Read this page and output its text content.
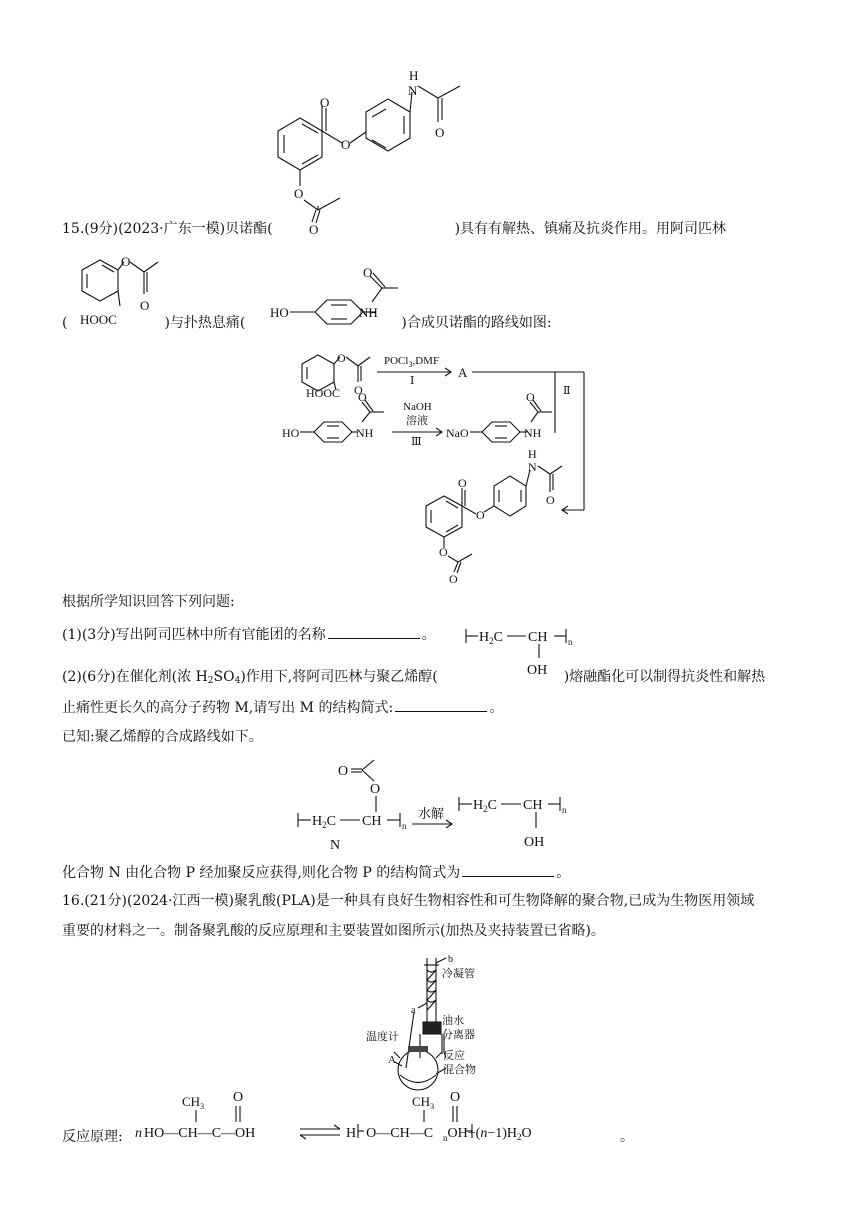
O
O
H
N
O
O
O
15.(9分)(2023·广东一模)贝诺酯(	)具有有解热、镇痛及抗炎作用。用阿司匹林
O
O
HOOC	HO
O
NH
(	)与扑热息痛(	)合成贝诺酯的路线如图:
O
O
HOOC
POCl$_3$,DMF
Ⅰ
A
Ⅱ
HO
O
NH
NaOH
溶液
Ⅲ
NaO
O
NH
O
O
H
N
O
O
O
根据所学知识回答下列问题:
(1)(3分)写出阿司匹林中所有官能团的名称	。	$H_2C$ CH n
OH
(2)(6分)在催化剂(浓 H2SO4)作用下,将阿司匹林与聚乙烯醇(	)熔融酯化可以制得抗炎性和解热
止痛性更长久的高分子药物 M,请写出 M 的结构简式:	。
已知:聚乙烯醇的合成路线如下。
O
O
$H_2C$ CH n
N
水解
$H_2C$ CH n
OH
化合物 N 由化合物 P 经加聚反应获得,则化合物 P 的结构简式为	。
16.(21分)(2024·江西一模)聚乳酸(PLA)是一种具有良好生物相容性和可生物降解的聚合物,已成为生物医用领域
重要的材料之一。制备聚乳酸的反应原理和主要装置如图所示(加热及夹持装置已省略)。
b
a
冷凝管
油水
分离器
温度计
A	反应
混合物
反应原理:
$CH_3$
O
n HO—CH—C—OH
$CH_3$
O
H O—CH—C $_nOH+(n-1)H_2O$	。
